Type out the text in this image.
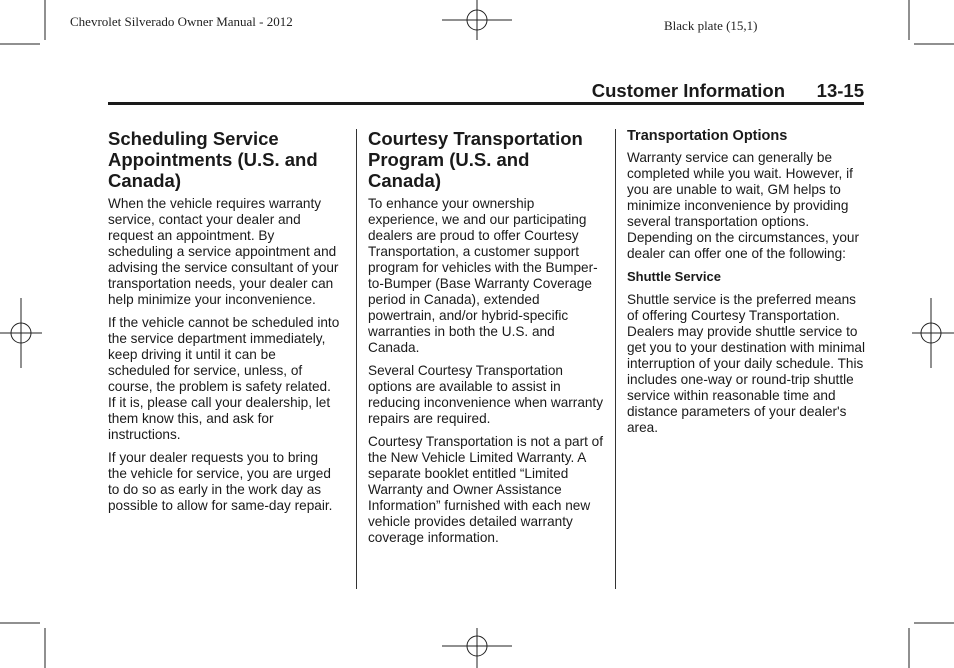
Chevrolet Silverado Owner Manual - 2012	Black plate (15,1)
Customer Information 13-15
Scheduling Service Appointments (U.S. and Canada)

When the vehicle requires warranty service, contact your dealer and request an appointment. By scheduling a service appointment and advising the service consultant of your transportation needs, your dealer can help minimize your inconvenience.

If the vehicle cannot be scheduled into the service department immediately, keep driving it until it can be scheduled for service, unless, of course, the problem is safety related. If it is, please call your dealership, let them know this, and ask for instructions.

If your dealer requests you to bring the vehicle for service, you are urged to do so as early in the work day as possible to allow for same-day repair.

Courtesy Transportation Program (U.S. and Canada)

To enhance your ownership experience, we and our participating dealers are proud to offer Courtesy Transportation, a customer support program for vehicles with the Bumper-to-Bumper (Base Warranty Coverage period in Canada), extended powertrain, and/or hybrid-specific warranties in both the U.S. and Canada.

Several Courtesy Transportation options are available to assist in reducing inconvenience when warranty repairs are required.

Courtesy Transportation is not a part of the New Vehicle Limited Warranty. A separate booklet entitled “Limited Warranty and Owner Assistance Information” furnished with each new vehicle provides detailed warranty coverage information.

Transportation Options

Warranty service can generally be completed while you wait. However, if you are unable to wait, GM helps to minimize inconvenience by providing several transportation options. Depending on the circumstances, your dealer can offer one of the following:

Shuttle Service

Shuttle service is the preferred means of offering Courtesy Transportation. Dealers may provide shuttle service to get you to your destination with minimal interruption of your daily schedule. This includes one-way or round-trip shuttle service within reasonable time and distance parameters of your dealer's area.
